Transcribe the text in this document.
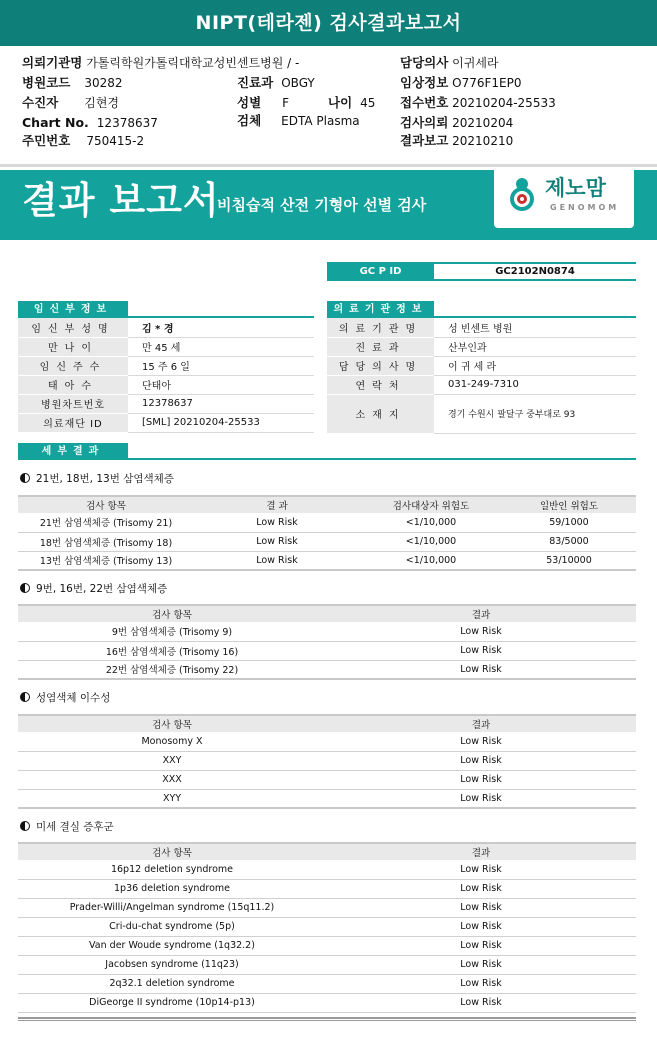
NIPT(테라젠) 검사결과보고서
의뢰기관명 가톨릭학원가톨릭대학교성빈센트병원 / -
병원코드 30282
수진자 김현경
Chart No. 12378637
주민번호 750415-2
진료과 OBGY
성별 F	나이 45
검체 EDTA Plasma
담당의사 이귀세라
임상정보 O776F1EP0
접수번호 20210204-25533
검사의뢰 20210204
결과보고 20210210
결과 보고서
비침습적 산전 기형아 선별 검사
제노맘
GENOMOM
GC P ID	GC2102N0874
임신부정보
임신부성명	김 * 경
만나이	만 45 세
임신주수	15 주 6 일
태아수	단태아
병원차트번호	12378637
의료재단 ID	[SML] 20210204-25533
의료기관정보
의료기관명	성 빈센트 병원
진료과	산부인과
담당의사명	이 귀 세 라
연락처	031-249-7310
소재지	경기 수원시 팔달구 중부대로 93
세부결과
21번, 18번, 13번 삼염색체증
검사 항목	결 과	검사대상자 위험도	일반인 위험도
21번 삼염색체증 (Trisomy 21)	Low Risk	<1/10,000	59/1000
18번 삼염색체증 (Trisomy 18)	Low Risk	<1/10,000	83/5000
13번 삼염색체증 (Trisomy 13)	Low Risk	<1/10,000	53/10000
9번, 16번, 22번 삼염색체증
검사 항목	결과
9번 삼염색체증 (Trisomy 9)	Low Risk
16번 삼염색체증 (Trisomy 16)	Low Risk
22번 삼염색체증 (Trisomy 22)	Low Risk
성염색체 이수성
검사 항목	결과
Monosomy X	Low Risk
XXY	Low Risk
XXX	Low Risk
XYY	Low Risk
미세 결실 증후군
검사 항목	결과
16p12 deletion syndrome	Low Risk
1p36 deletion syndrome	Low Risk
Prader-Willi/Angelman syndrome (15q11.2)	Low Risk
Cri-du-chat syndrome (5p)	Low Risk
Van der Woude syndrome (1q32.2)	Low Risk
Jacobsen syndrome (11q23)	Low Risk
2q32.1 deletion syndrome	Low Risk
DiGeorge II syndrome (10p14-p13)	Low Risk
